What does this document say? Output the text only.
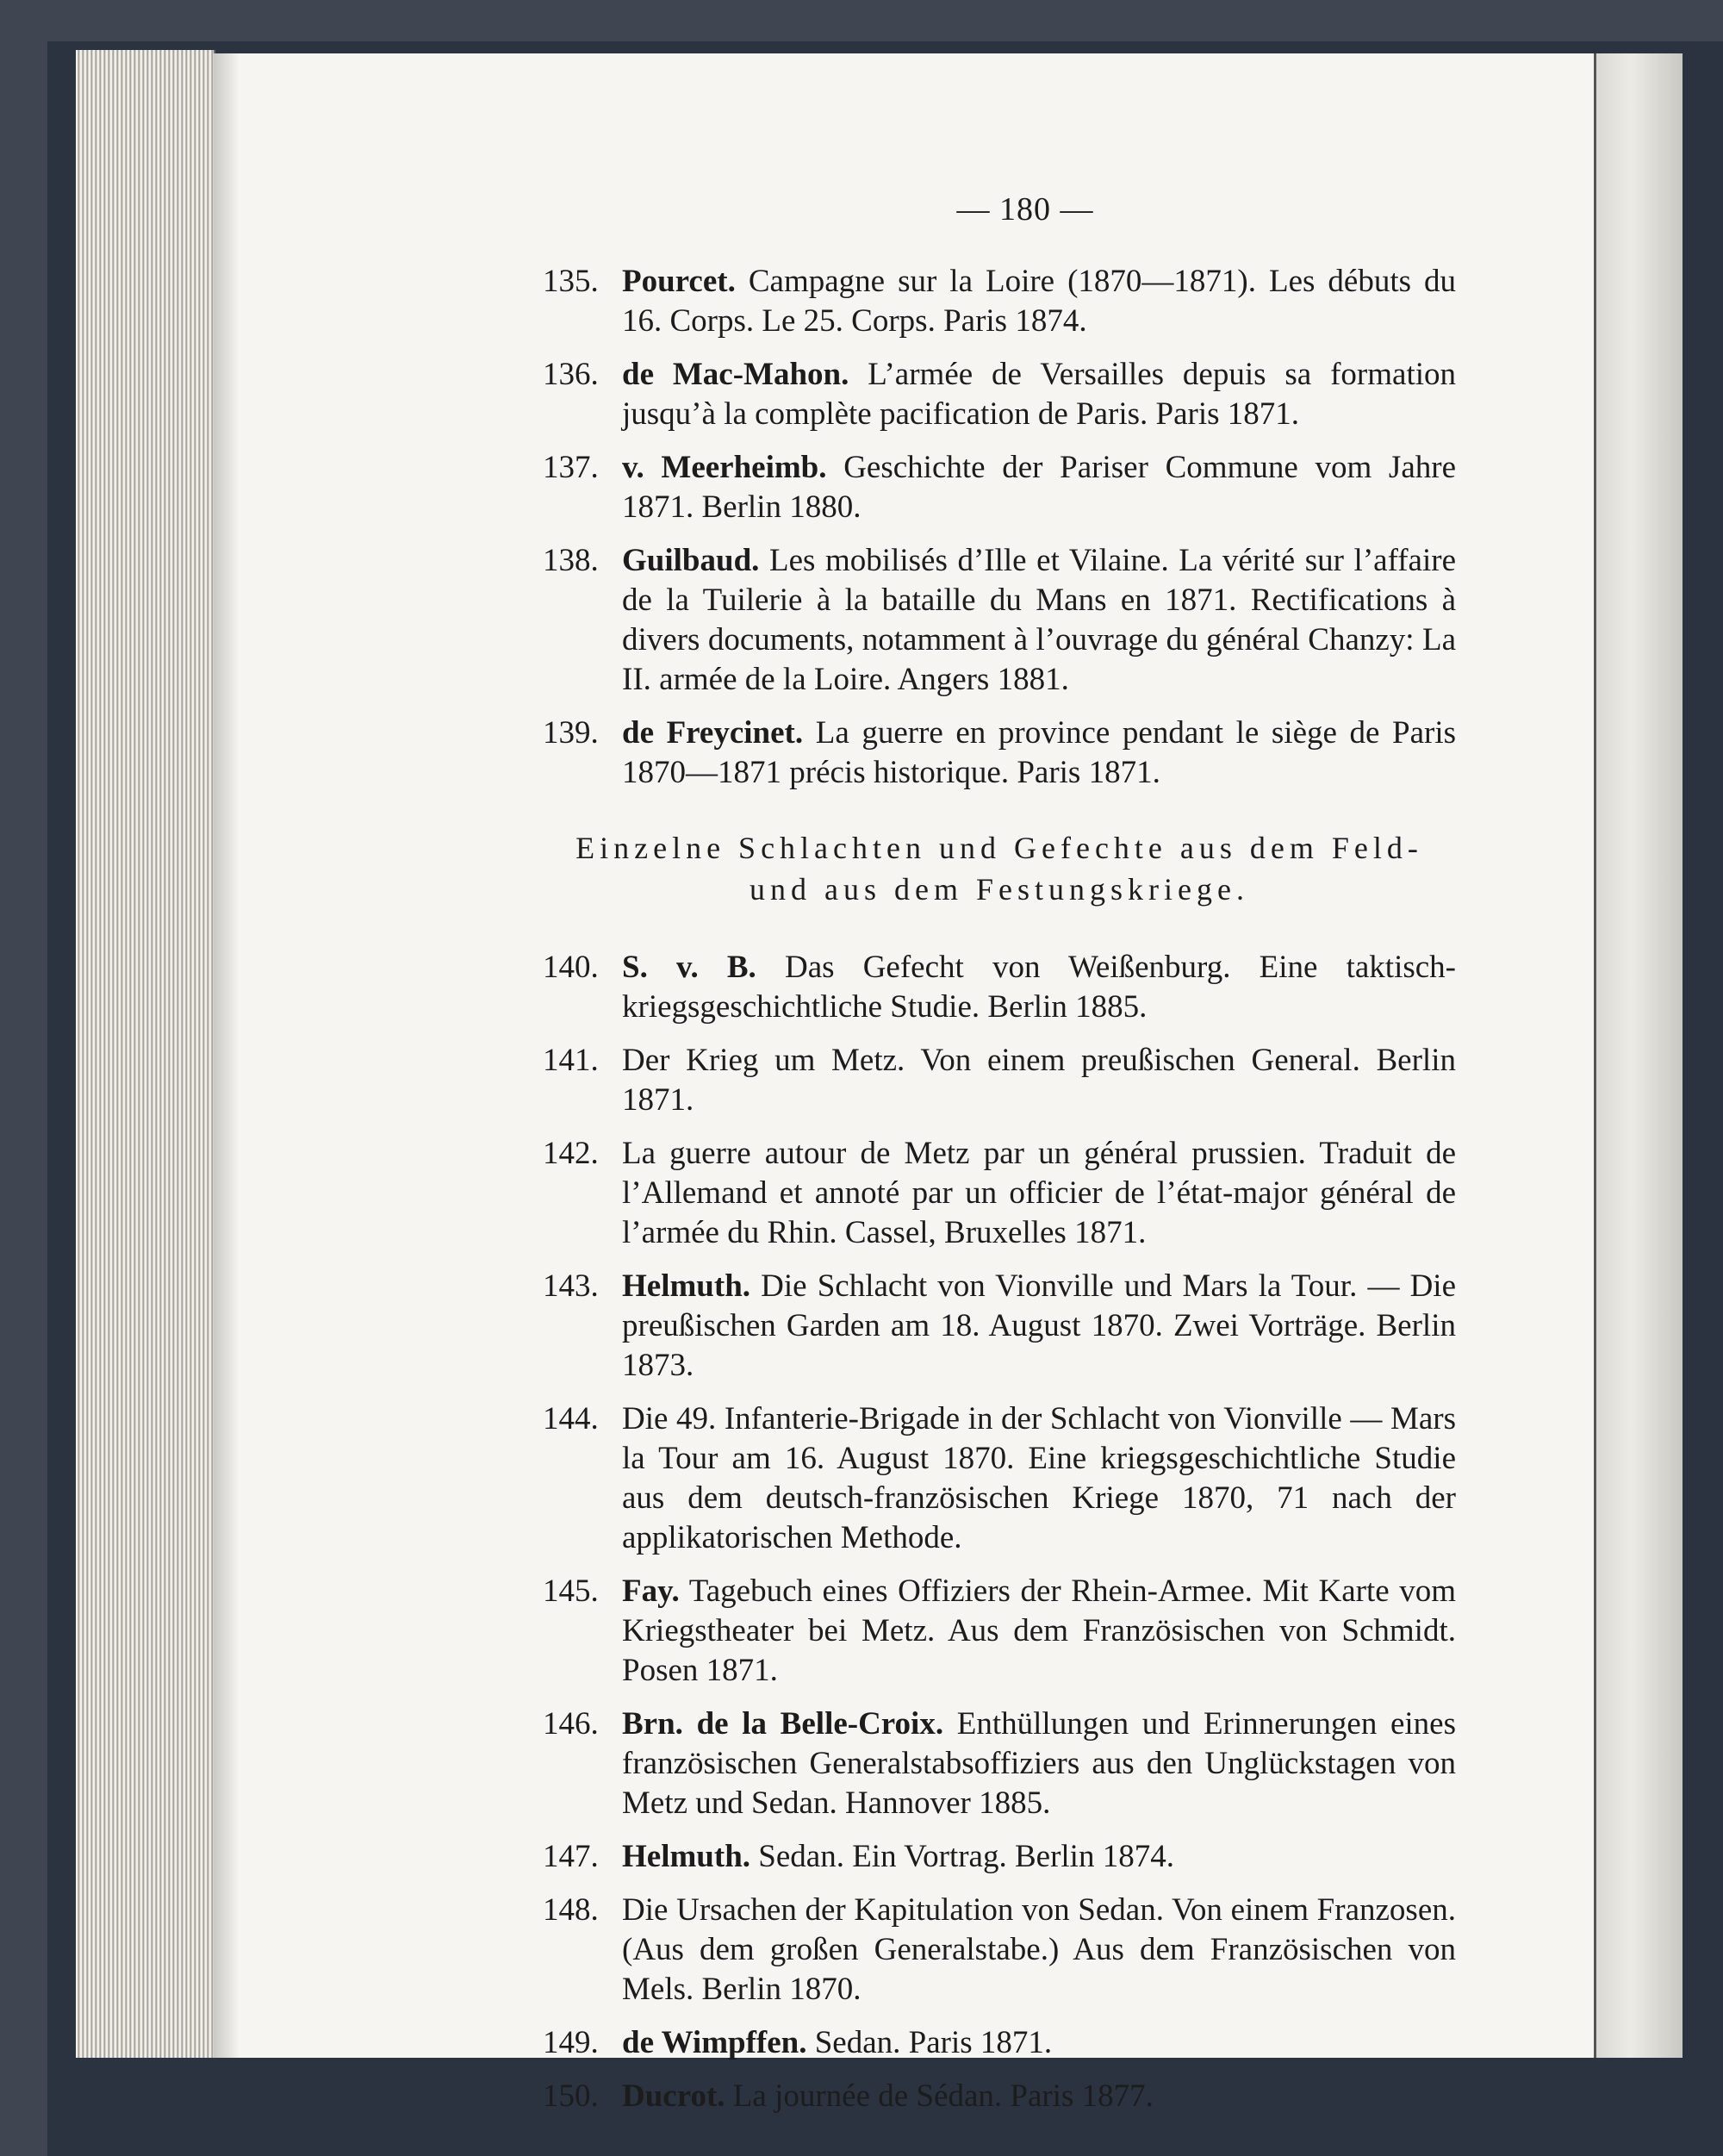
— 180 —
135. Pourcet. Campagne sur la Loire (1870—1871). Les débuts du 16. Corps. Le 25. Corps. Paris 1874.
136. de Mac-Mahon. L’armée de Versailles depuis sa formation jusqu’à la complète pacification de Paris. Paris 1871.
137. v. Meerheimb. Geschichte der Pariser Commune vom Jahre 1871. Berlin 1880.
138. Guilbaud. Les mobilisés d’Ille et Vilaine. La vérité sur l’affaire de la Tuilerie à la bataille du Mans en 1871. Rectifications à divers documents, notamment à l’ouvrage du général Chanzy: La II. armée de la Loire. Angers 1881.
139. de Freycinet. La guerre en province pendant le siège de Paris 1870—1871 précis historique. Paris 1871.
Einzelne Schlachten und Gefechte aus dem Feld- und aus dem Festungskriege.
140. S. v. B. Das Gefecht von Weißenburg. Eine taktisch-kriegsgeschichtliche Studie. Berlin 1885.
141. Der Krieg um Metz. Von einem preußischen General. Berlin 1871.
142. La guerre autour de Metz par un général prussien. Traduit de l’Allemand et annoté par un officier de l’état-major général de l’armée du Rhin. Cassel, Bruxelles 1871.
143. Helmuth. Die Schlacht von Vionville und Mars la Tour. — Die preußischen Garden am 18. August 1870. Zwei Vorträge. Berlin 1873.
144. Die 49. Infanterie-Brigade in der Schlacht von Vionville — Mars la Tour am 16. August 1870. Eine kriegsgeschichtliche Studie aus dem deutsch-französischen Kriege 1870, 71 nach der applikatorischen Methode.
145. Fay. Tagebuch eines Offiziers der Rhein-Armee. Mit Karte vom Kriegstheater bei Metz. Aus dem Französischen von Schmidt. Posen 1871.
146. Brn. de la Belle-Croix. Enthüllungen und Erinnerungen eines französischen Generalstabsoffiziers aus den Unglückstagen von Metz und Sedan. Hannover 1885.
147. Helmuth. Sedan. Ein Vortrag. Berlin 1874.
148. Die Ursachen der Kapitulation von Sedan. Von einem Franzosen. (Aus dem großen Generalstabe.) Aus dem Französischen von Mels. Berlin 1870.
149. de Wimpffen. Sedan. Paris 1871.
150. Ducrot. La journée de Sédan. Paris 1877.
